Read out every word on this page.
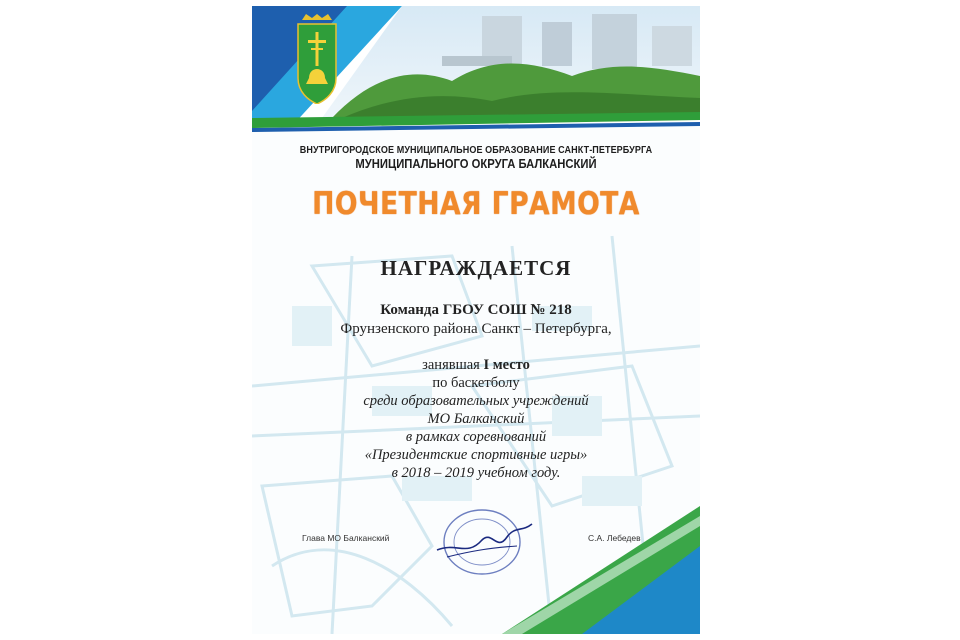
ВНУТРИГОРОДСКОЕ МУНИЦИПАЛЬНОЕ ОБРАЗОВАНИЕ САНКТ-ПЕТЕРБУРГА
МУНИЦИПАЛЬНОГО ОКРУГА БАЛКАНСКИЙ
ПОЧЕТНАЯ ГРАМОТА
НАГРАЖДАЕТСЯ
Команда ГБОУ СОШ № 218
Фрунзенского района Санкт – Петербурга,
занявшая I место
по баскетболу
среди образовательных учреждений
МО Балканский
в рамках соревнований
«Президентские спортивные игры»
в 2018 – 2019 учебном году.
Глава МО Балканский	С.А. Лебедев
